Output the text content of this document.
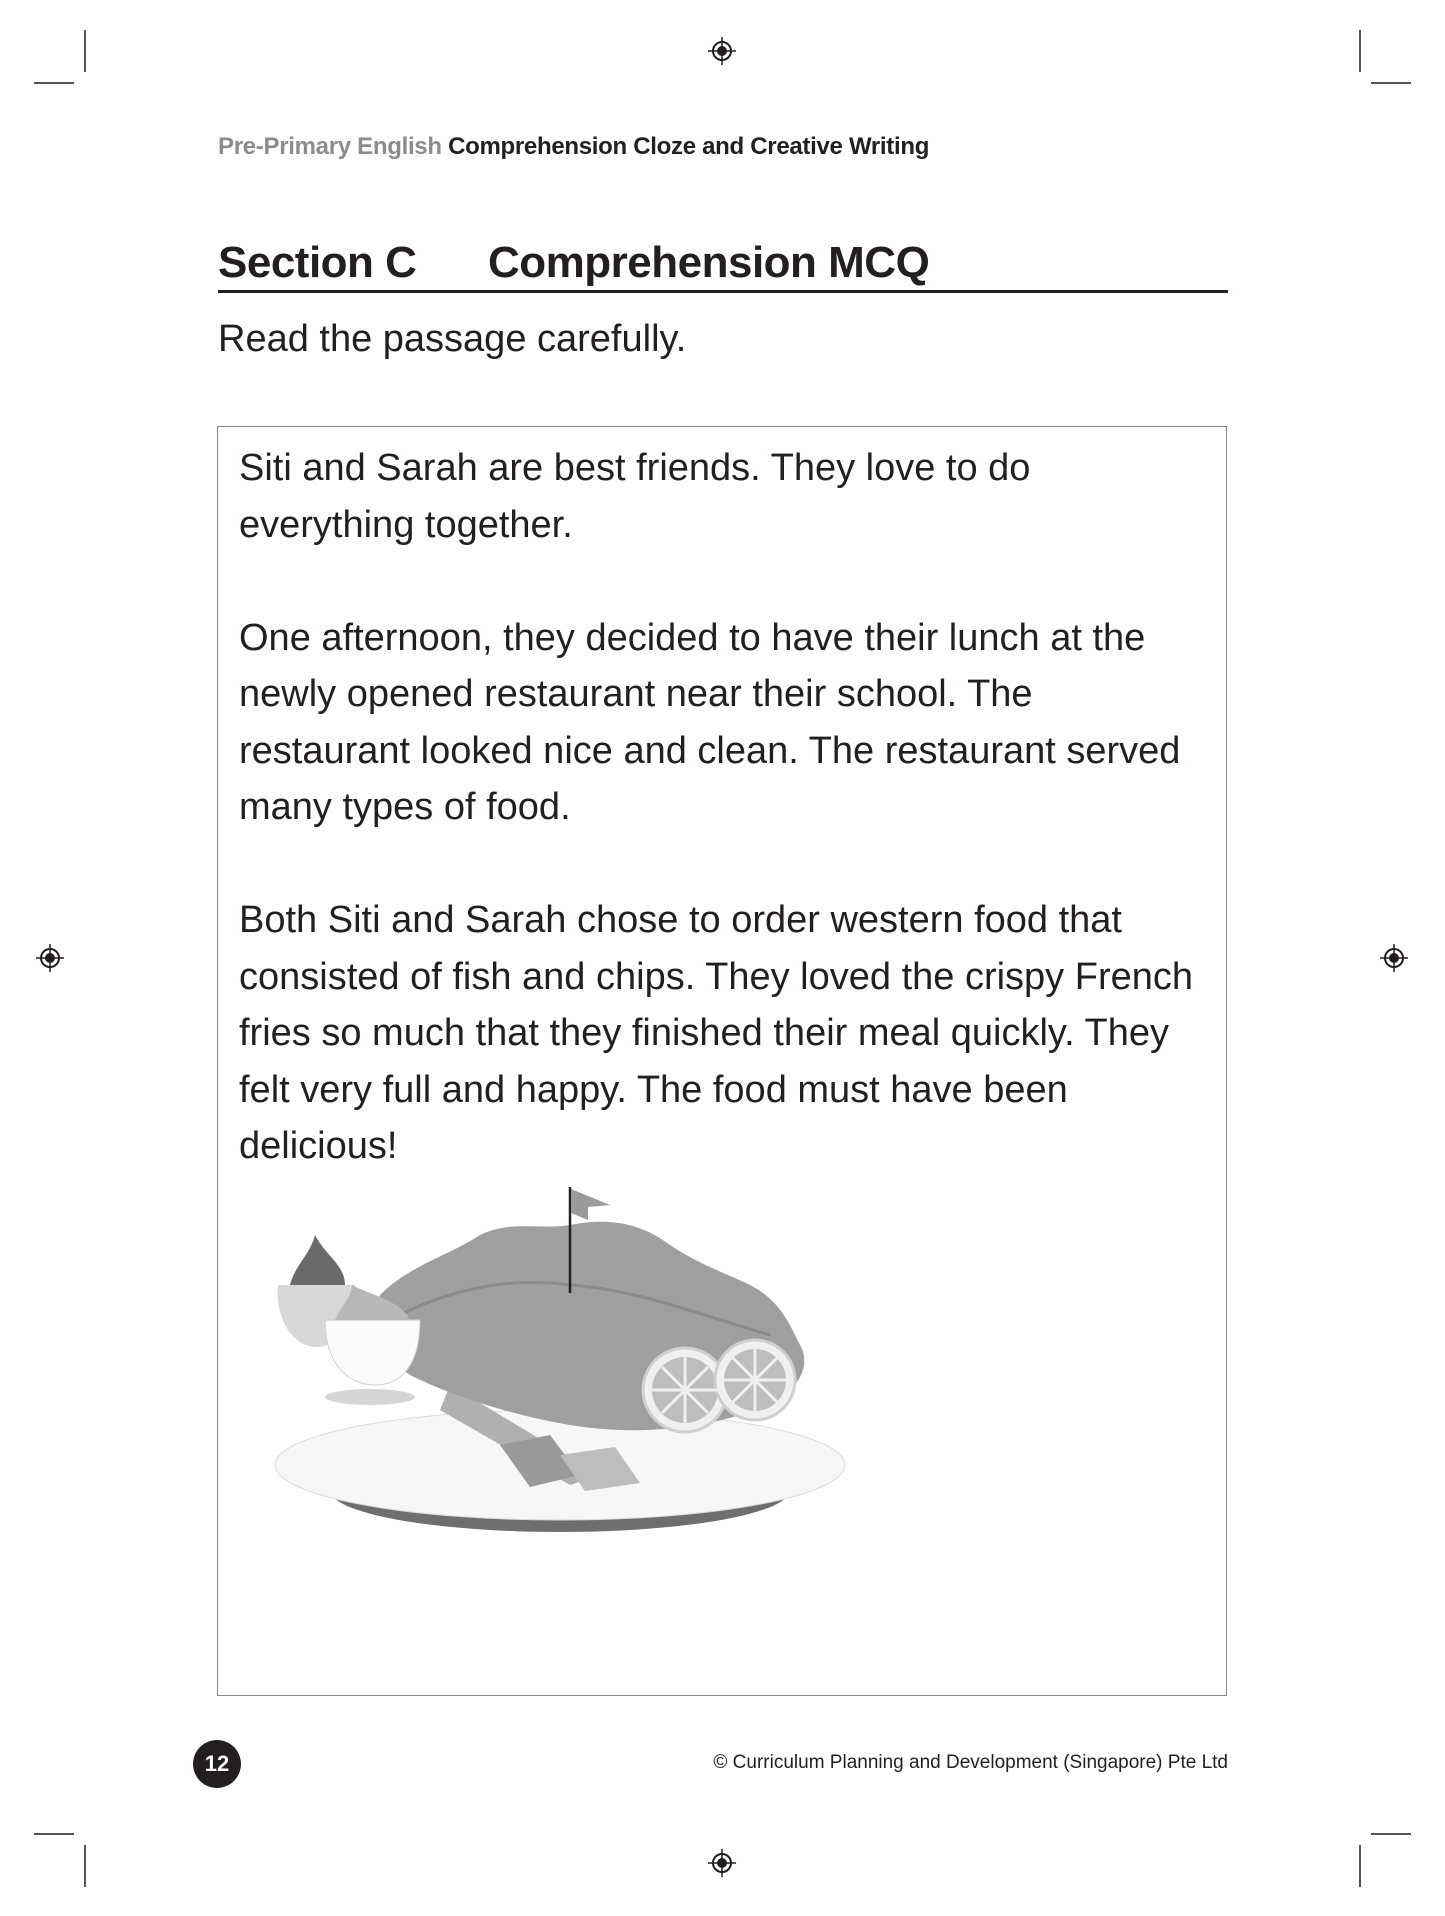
Pre-Primary English Comprehension Cloze and Creative Writing
Section C Comprehension MCQ
Read the passage carefully.

Siti and Sarah are best friends. They love to do everything together.

One afternoon, they decided to have their lunch at the newly opened restaurant near their school. The restaurant looked nice and clean. The restaurant served many types of food.

Both Siti and Sarah chose to order western food that consisted of fish and chips. They loved the crispy French fries so much that they finished their meal quickly. They felt very full and happy. The food must have been delicious!

12	© Curriculum Planning and Development (Singapore) Pte Ltd
